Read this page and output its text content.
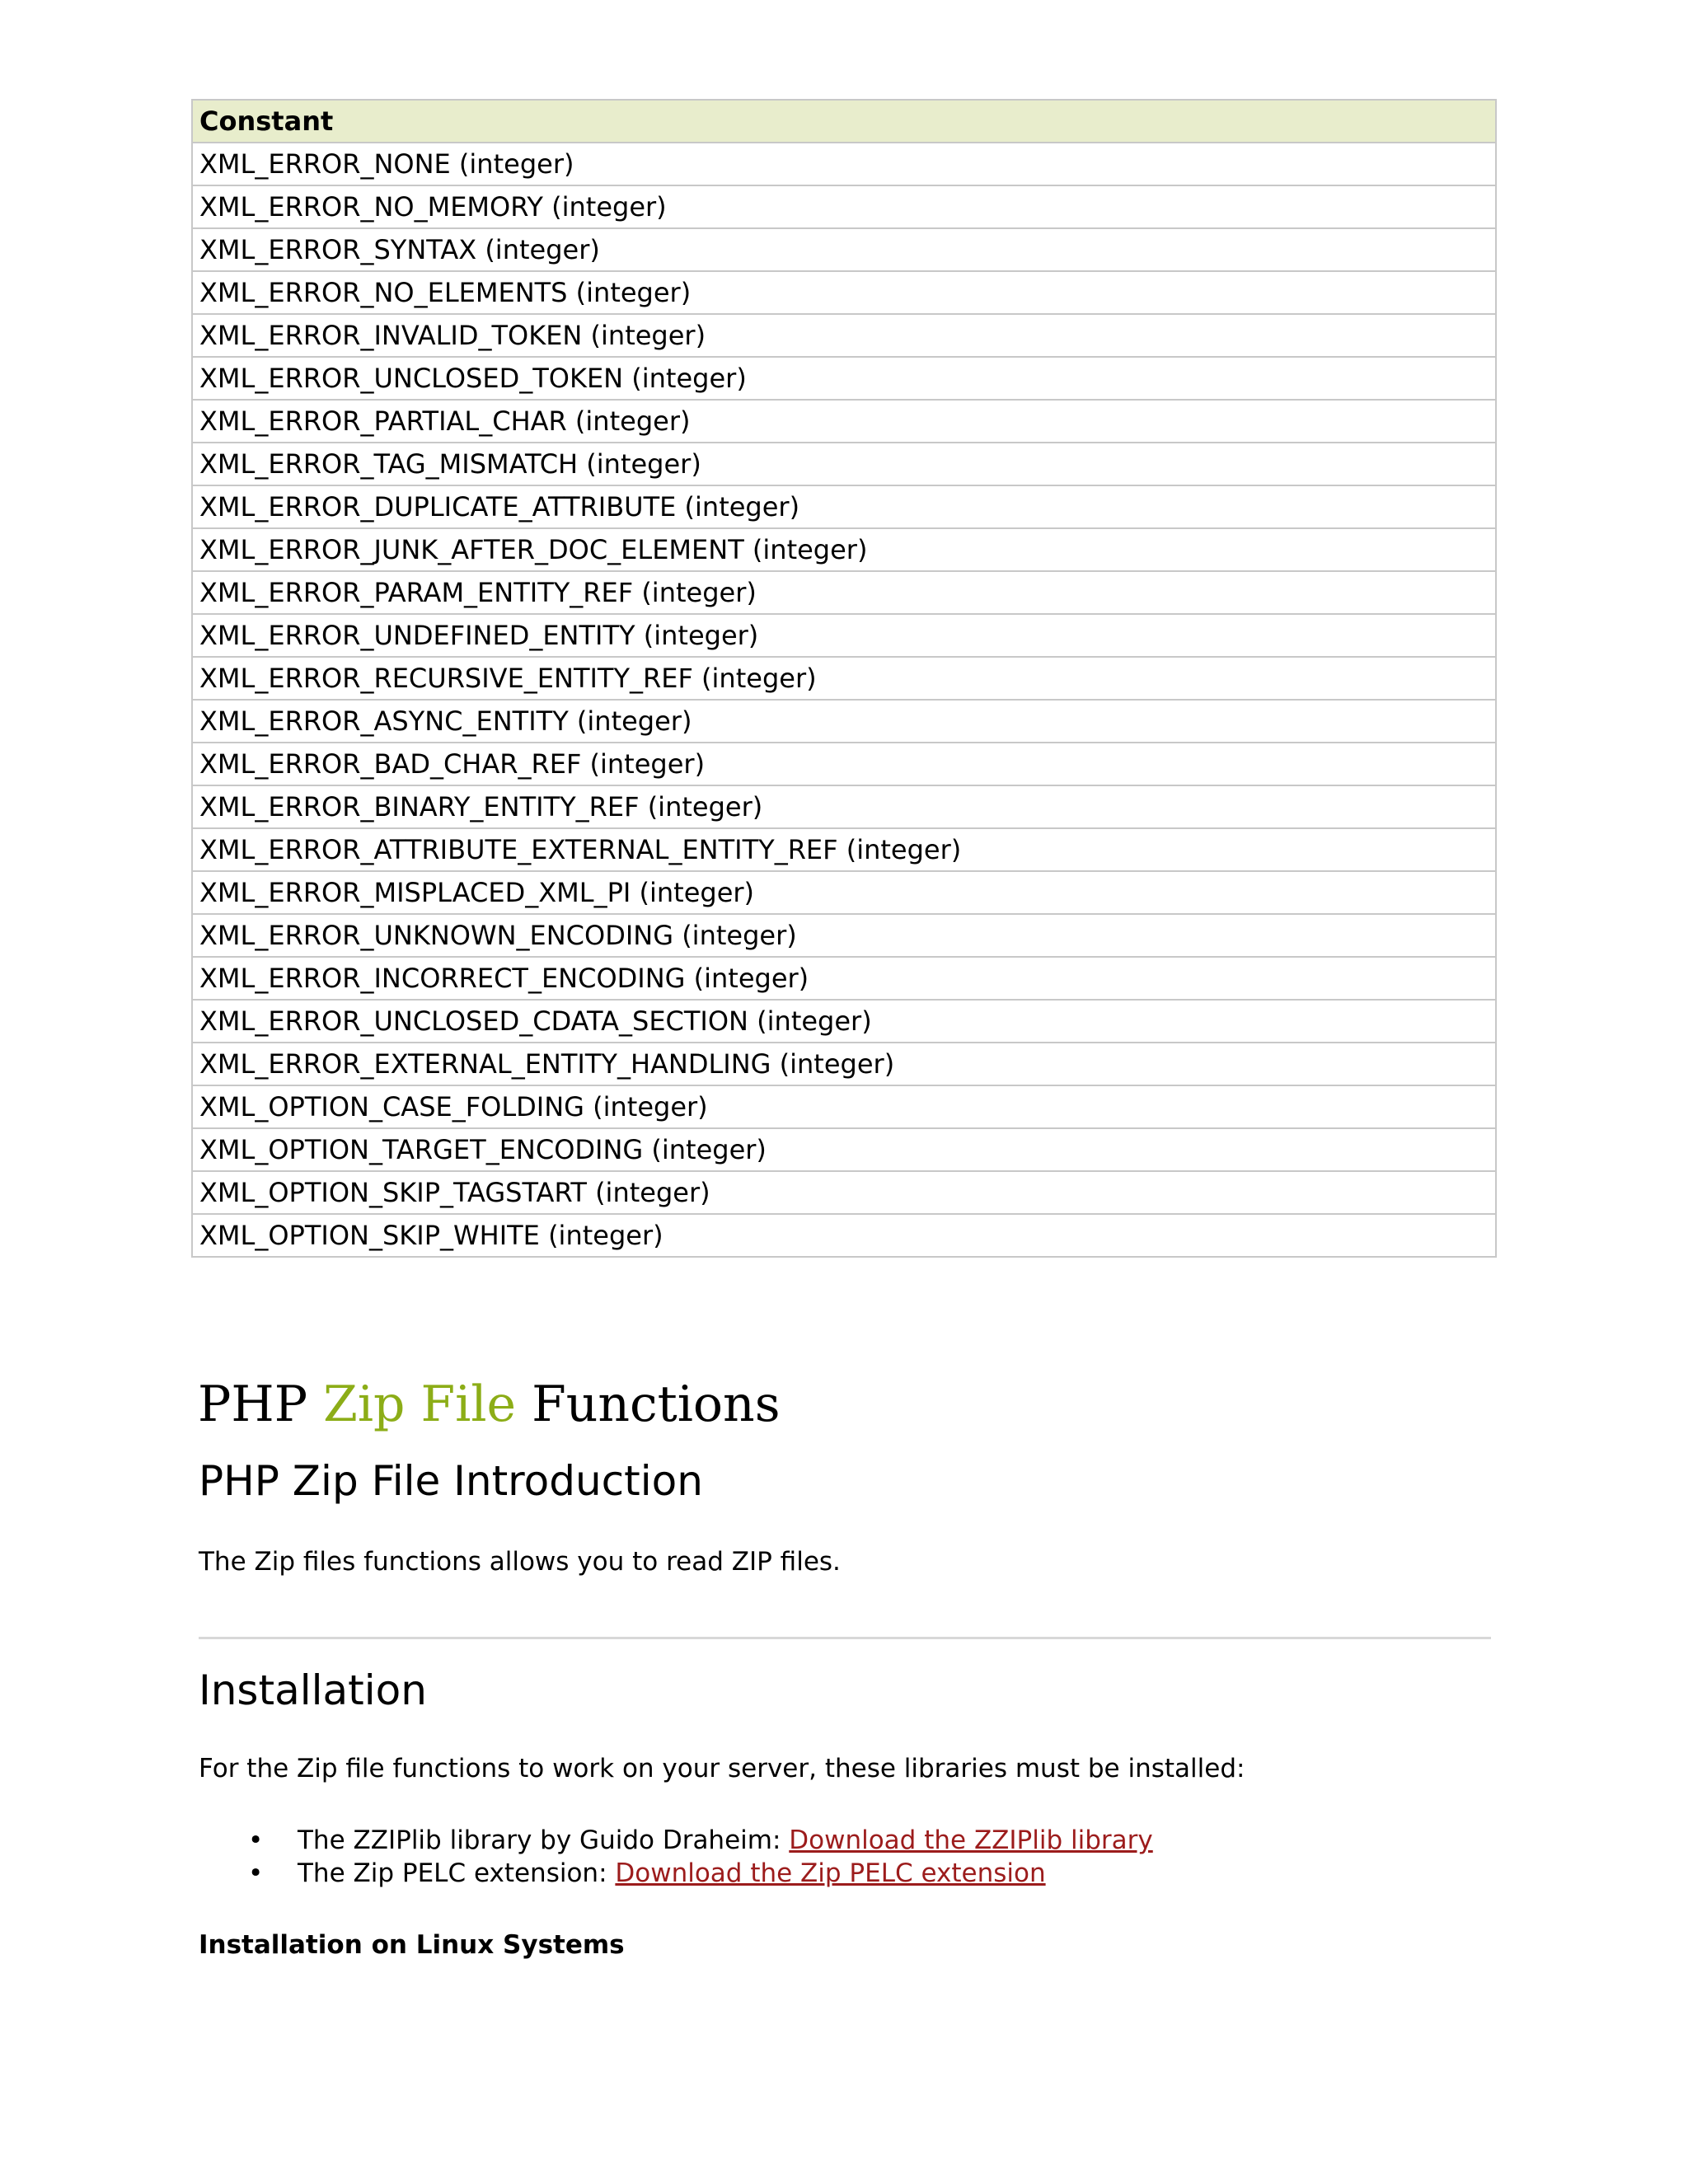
Constant
XML_ERROR_NONE (integer)
XML_ERROR_NO_MEMORY (integer)
XML_ERROR_SYNTAX (integer)
XML_ERROR_NO_ELEMENTS (integer)
XML_ERROR_INVALID_TOKEN (integer)
XML_ERROR_UNCLOSED_TOKEN (integer)
XML_ERROR_PARTIAL_CHAR (integer)
XML_ERROR_TAG_MISMATCH (integer)
XML_ERROR_DUPLICATE_ATTRIBUTE (integer)
XML_ERROR_JUNK_AFTER_DOC_ELEMENT (integer)
XML_ERROR_PARAM_ENTITY_REF (integer)
XML_ERROR_UNDEFINED_ENTITY (integer)
XML_ERROR_RECURSIVE_ENTITY_REF (integer)
XML_ERROR_ASYNC_ENTITY (integer)
XML_ERROR_BAD_CHAR_REF (integer)
XML_ERROR_BINARY_ENTITY_REF (integer)
XML_ERROR_ATTRIBUTE_EXTERNAL_ENTITY_REF (integer)
XML_ERROR_MISPLACED_XML_PI (integer)
XML_ERROR_UNKNOWN_ENCODING (integer)
XML_ERROR_INCORRECT_ENCODING (integer)
XML_ERROR_UNCLOSED_CDATA_SECTION (integer)
XML_ERROR_EXTERNAL_ENTITY_HANDLING (integer)
XML_OPTION_CASE_FOLDING (integer)
XML_OPTION_TARGET_ENCODING (integer)
XML_OPTION_SKIP_TAGSTART (integer)
XML_OPTION_SKIP_WHITE (integer)
PHP Zip File Functions
PHP Zip File Introduction

The Zip files functions allows you to read ZIP files.

Installation

For the Zip file functions to work on your server, these libraries must be installed:

• The ZZIPlib library by Guido Draheim: Download the ZZIPlib library
• The Zip PELC extension: Download the Zip PELC extension
Installation on Linux Systems
